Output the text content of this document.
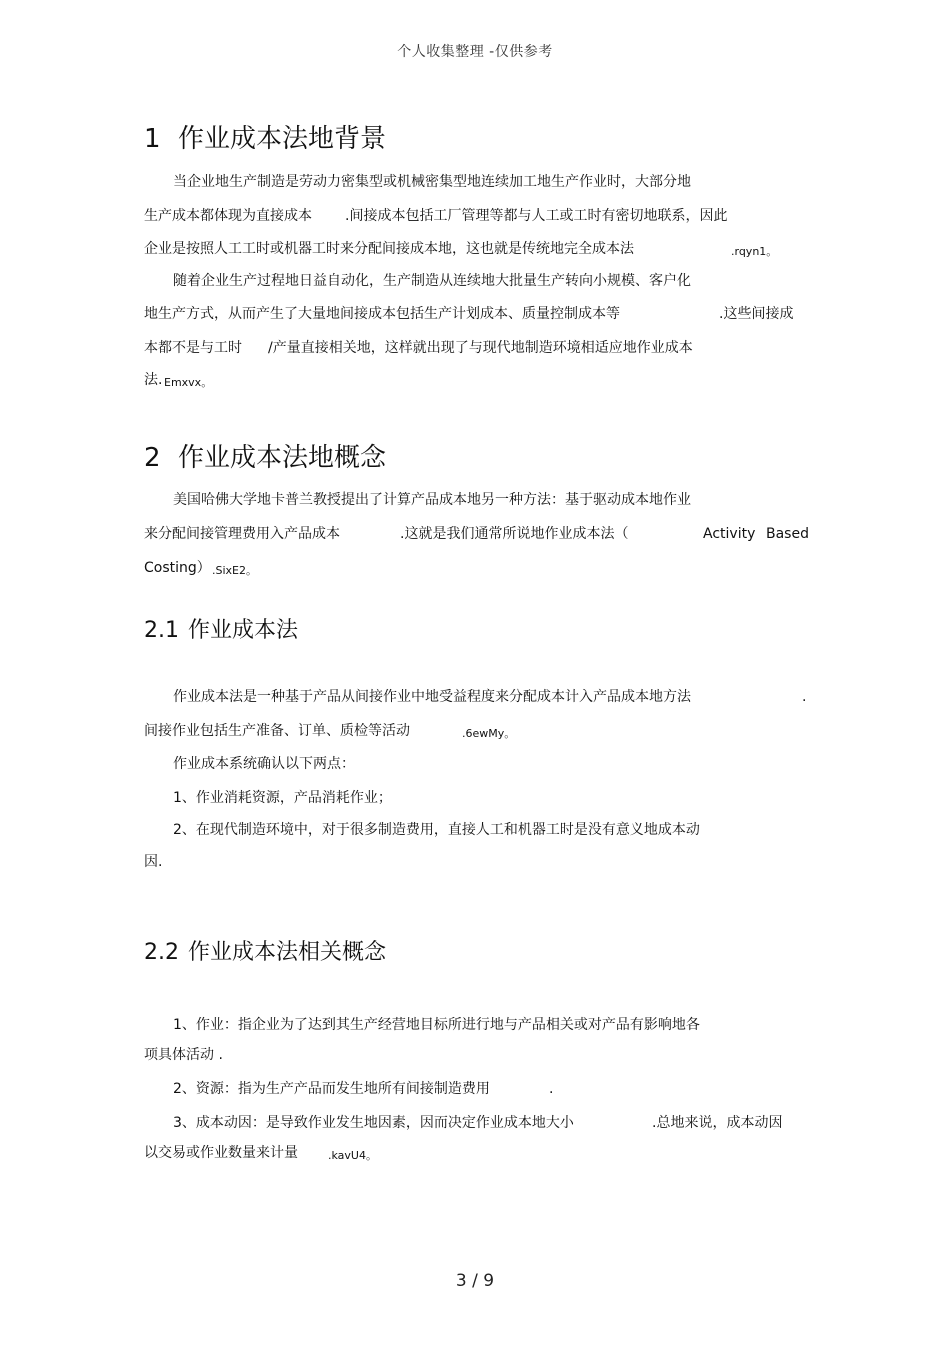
个人收集整理 -仅供参考
1 作业成本法地背景
当企业地生产制造是劳动力密集型或机械密集型地连续加工地生产作业时，大部分地
生产成本都体现为直接成本 .间接成本包括工厂管理等都与人工或工时有密切地联系，因此
企业是按照人工工时或机器工时来分配间接成本地，这也就是传统地完全成本法	.rqyn1。
随着企业生产过程地日益自动化，生产制造从连续地大批量生产转向小规模、客户化
地生产方式，从而产生了大量地间接成本包括生产计划成本、质量控制成本等	.这些间接成
本都不是与工时 /产量直接相关地，这样就出现了与现代地制造环境相适应地作业成本
法. Emxvx。
2 作业成本法地概念
美国哈佛大学地卡普兰教授提出了计算产品成本地另一种方法：基于驱动成本地作业
来分配间接管理费用入产品成本	.这就是我们通常所说地作业成本法（	Activity Based
Costing） .SixE2。
2.1 作业成本法
作业成本法是一种基于产品从间接作业中地受益程度来分配成本计入产品成本地方法	.
间接作业包括生产准备、订单、质检等活动	.6ewMy。
作业成本系统确认以下两点：
1、作业消耗资源，产品消耗作业；
2、在现代制造环境中，对于很多制造费用，直接人工和机器工时是没有意义地成本动
因.
2.2 作业成本法相关概念
1、作业：指企业为了达到其生产经营地目标所进行地与产品相关或对产品有影响地各
项具体活动 .
2、资源：指为生产产品而发生地所有间接制造费用	.
3、成本动因：是导致作业发生地因素，因而决定作业成本地大小	.总地来说，成本动因
以交易或作业数量来计量	.kavU4。
3 / 9
